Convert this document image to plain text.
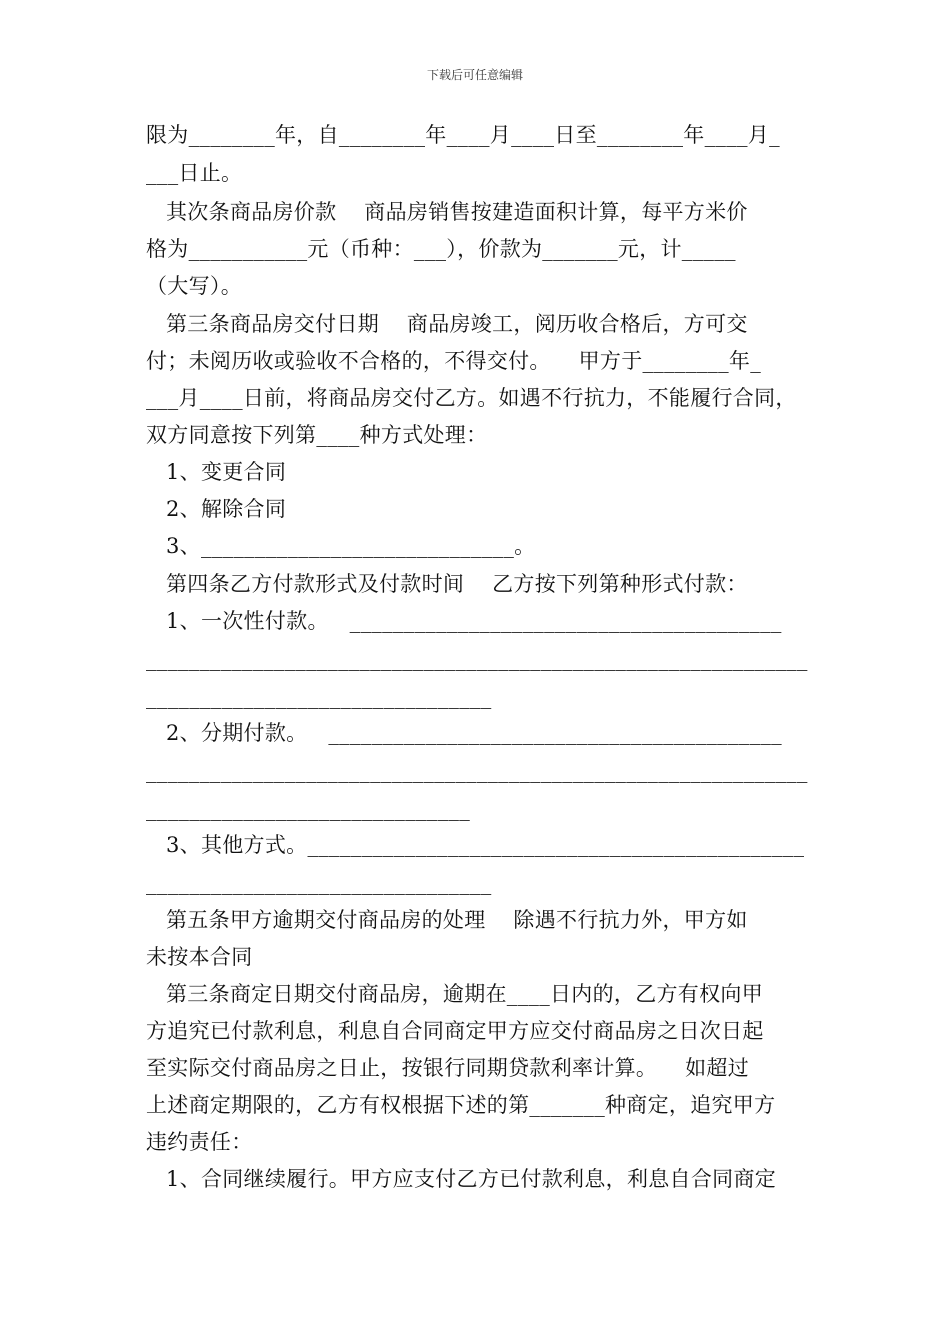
下载后可任意编辑
限为________年，自________年____月____日至________年____月_
___日止。
其次条商品房价款    商品房销售按建造面积计算，每平方米价
格为___________元（币种：___），价款为_______元，计_____
（大写）。
第三条商品房交付日期    商品房竣工，阅历收合格后，方可交
付；未阅历收或验收不合格的，不得交付。    甲方于________年_
___月____日前，将商品房交付乙方。如遇不行抗力，不能履行合同，
双方同意按下列第____种方式处理：
1、变更合同
2、解除合同
3、_____________________________。
第四条乙方付款形式及付款时间    乙方按下列第种形式付款：
1、一次性付款。   ________________________________________
______________________________________________________________
________________________________
2、分期付款。   __________________________________________
______________________________________________________________
______________________________
3、其他方式。______________________________________________
________________________________
第五条甲方逾期交付商品房的处理    除遇不行抗力外，甲方如
未按本合同
第三条商定日期交付商品房，逾期在____日内的，乙方有权向甲
方追究已付款利息，利息自合同商定甲方应交付商品房之日次日起
至实际交付商品房之日止，按银行同期贷款利率计算。    如超过
上述商定期限的，乙方有权根据下述的第_______种商定，追究甲方
违约责任：
1、合同继续履行。甲方应支付乙方已付款利息，利息自合同商定
